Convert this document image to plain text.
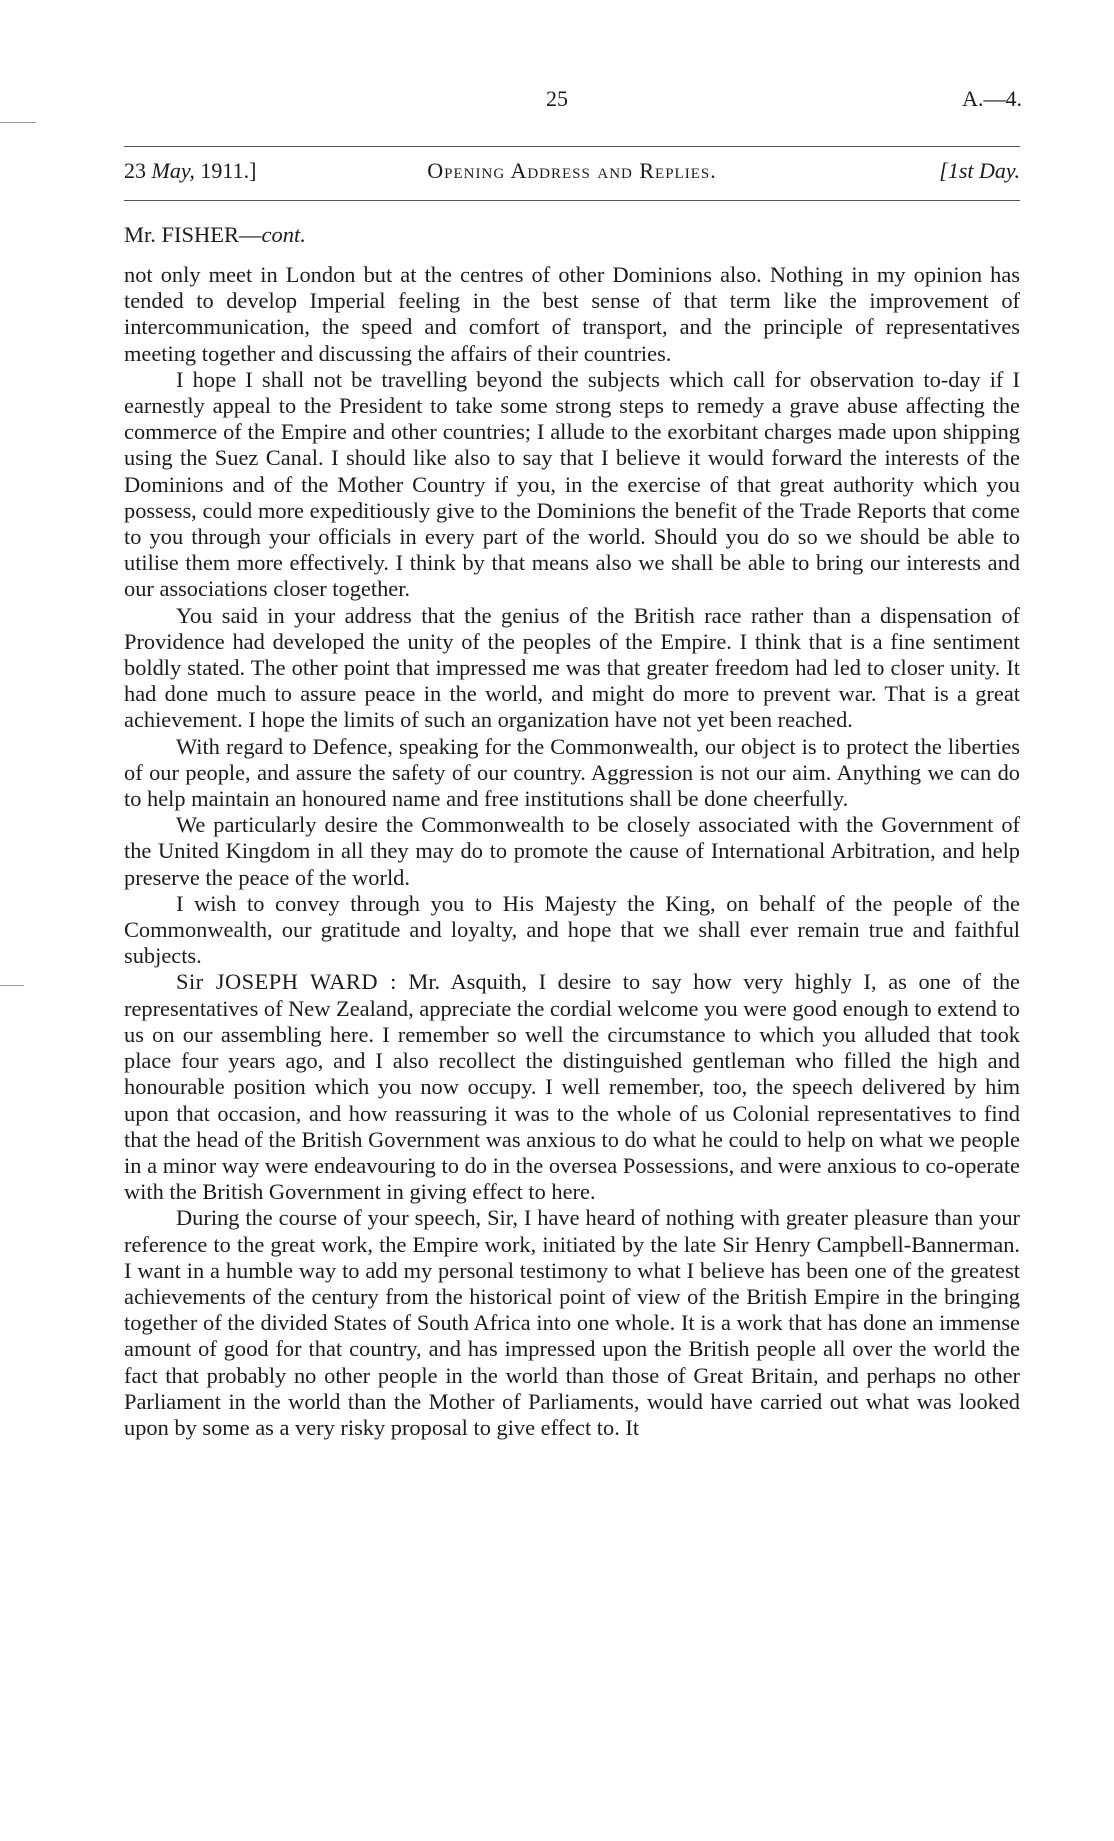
25	A.—4.
23 May, 1911.]	Opening Address and Replies.	[1st Day.
Mr. FISHER—cont.

not only meet in London but at the centres of other Dominions also. Nothing in my opinion has tended to develop Imperial feeling in the best sense of that term like the improvement of intercommunication, the speed and comfort of transport, and the principle of representatives meeting together and discussing the affairs of their countries.

I hope I shall not be travelling beyond the subjects which call for observation to-day if I earnestly appeal to the President to take some strong steps to remedy a grave abuse affecting the commerce of the Empire and other countries; I allude to the exorbitant charges made upon shipping using the Suez Canal. I should like also to say that I believe it would forward the interests of the Dominions and of the Mother Country if you, in the exercise of that great authority which you possess, could more expeditiously give to the Dominions the benefit of the Trade Reports that come to you through your officials in every part of the world. Should you do so we should be able to utilise them more effectively. I think by that means also we shall be able to bring our interests and our associations closer together.

You said in your address that the genius of the British race rather than a dispensation of Providence had developed the unity of the peoples of the Empire. I think that is a fine sentiment boldly stated. The other point that impressed me was that greater freedom had led to closer unity. It had done much to assure peace in the world, and might do more to prevent war. That is a great achievement. I hope the limits of such an organization have not yet been reached.

With regard to Defence, speaking for the Commonwealth, our object is to protect the liberties of our people, and assure the safety of our country. Aggression is not our aim. Anything we can do to help maintain an honoured name and free institutions shall be done cheerfully.

We particularly desire the Commonwealth to be closely associated with the Government of the United Kingdom in all they may do to promote the cause of International Arbitration, and help preserve the peace of the world.

I wish to convey through you to His Majesty the King, on behalf of the people of the Commonwealth, our gratitude and loyalty, and hope that we shall ever remain true and faithful subjects.

Sir JOSEPH WARD : Mr. Asquith, I desire to say how very highly I, as one of the representatives of New Zealand, appreciate the cordial welcome you were good enough to extend to us on our assembling here. I remember so well the circumstance to which you alluded that took place four years ago, and I also recollect the distinguished gentleman who filled the high and honourable position which you now occupy. I well remember, too, the speech delivered by him upon that occasion, and how reassuring it was to the whole of us Colonial representatives to find that the head of the British Government was anxious to do what he could to help on what we people in a minor way were endeavouring to do in the oversea Possessions, and were anxious to co-operate with the British Government in giving effect to here.

During the course of your speech, Sir, I have heard of nothing with greater pleasure than your reference to the great work, the Empire work, initiated by the late Sir Henry Campbell-Bannerman. I want in a humble way to add my personal testimony to what I believe has been one of the greatest achievements of the century from the historical point of view of the British Empire in the bringing together of the divided States of South Africa into one whole. It is a work that has done an immense amount of good for that country, and has impressed upon the British people all over the world the fact that probably no other people in the world than those of Great Britain, and perhaps no other Parliament in the world than the Mother of Parliaments, would have carried out what was looked upon by some as a very risky proposal to give effect to. It
